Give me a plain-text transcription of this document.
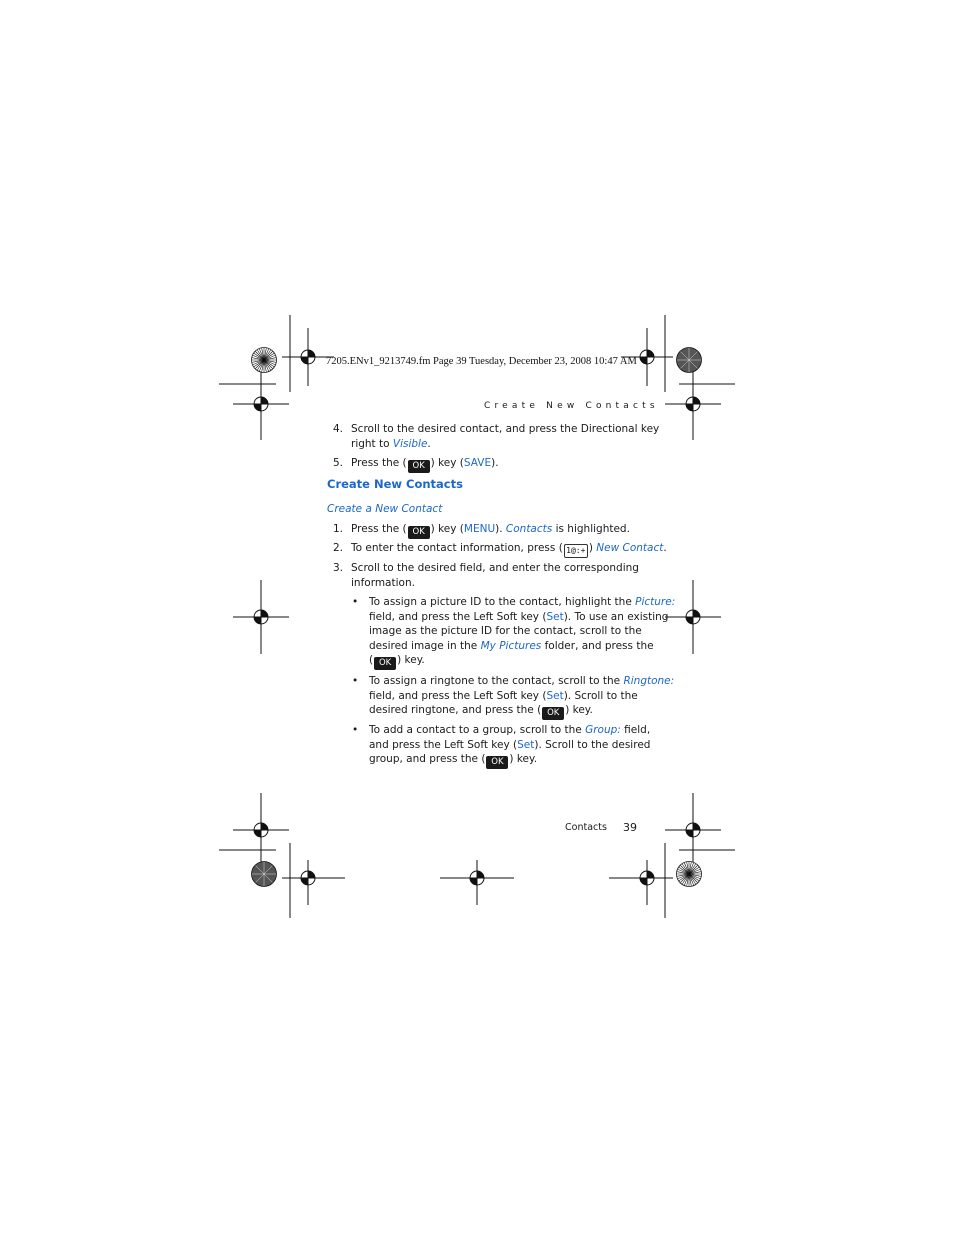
7205.ENv1_9213749.fm Page 39 Tuesday, December 23, 2008 10:47 AM
Create New Contacts
4. Scroll to the desired contact, and press the Directional key
right to Visible.
5. Press the ( OK ) key (SAVE).
Create New Contacts
Create a New Contact
1. Press the ( OK ) key (MENU). Contacts is highlighted.
2. To enter the contact information, press ( 1@:+ ) New Contact.
3. Scroll to the desired field, and enter the corresponding
information.
•	To assign a picture ID to the contact, highlight the Picture:
field, and press the Left Soft key (Set). To use an existing
image as the picture ID for the contact, scroll to the
desired image in the My Pictures folder, and press the
( OK ) key.
•	To assign a ringtone to the contact, scroll to the Ringtone:
field, and press the Left Soft key (Set). Scroll to the
desired ringtone, and press the ( OK ) key.
•	To add a contact to a group, scroll to the Group: field,
and press the Left Soft key (Set). Scroll to the desired
group, and press the ( OK ) key.
Contacts 39
